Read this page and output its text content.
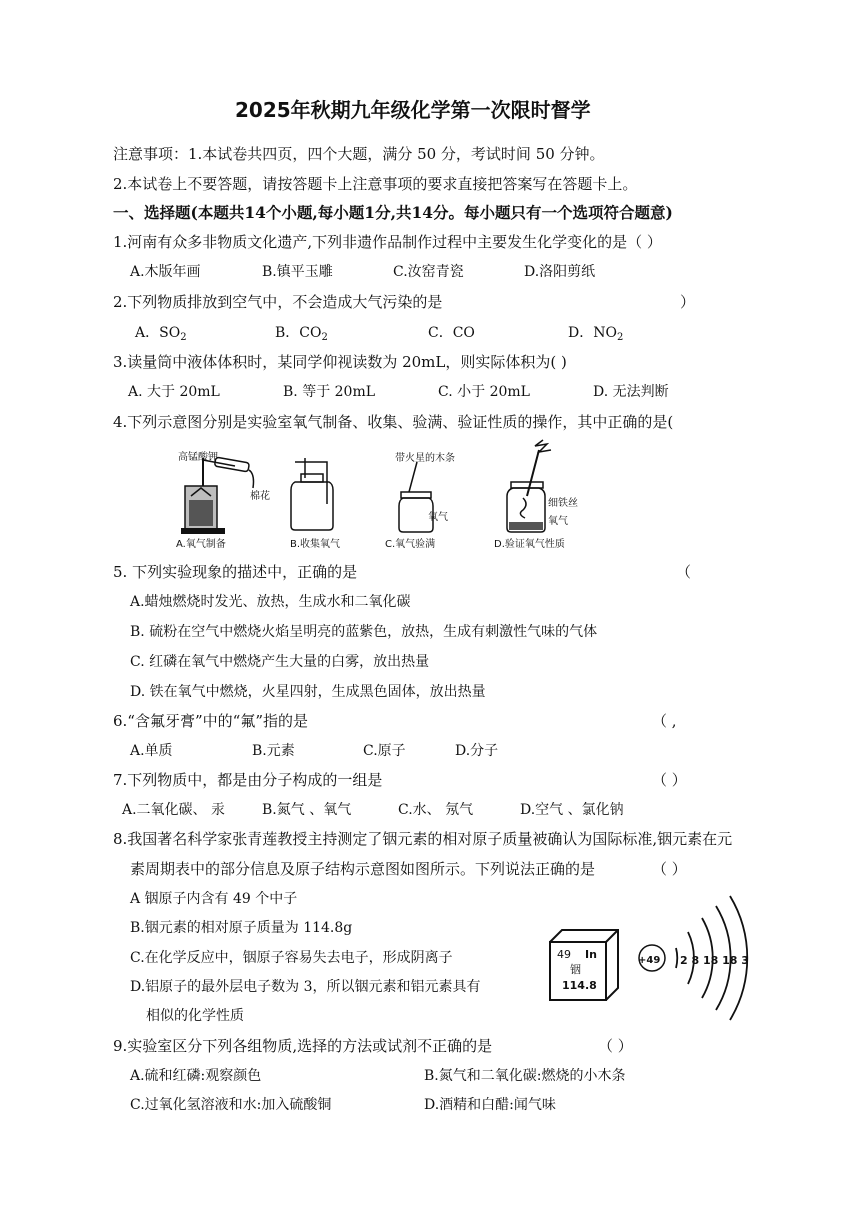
2025年秋期九年级化学第一次限时督学
注意事项：1.本试卷共四页，四个大题，满分 50 分，考试时间 50 分钟。
2.本试卷上不要答题，请按答题卡上注意事项的要求直接把答案写在答题卡上。
一、选择题(本题共14个小题,每小题1分,共14分。每小题只有一个选项符合题意)
1.河南有众多非物质文化遗产,下列非遗作品制作过程中主要发生化学变化的是（ ）
A.木版年画	B.镇平玉雕	C.汝窑青瓷	D.洛阳剪纸
2.下列物质排放到空气中，不会造成大气污染的是	）
A．$SO_2$	B．$CO_2$	C．CO	D．$NO_2$
3.读量筒中液体体积时，某同学仰视读数为 20mL，则实际体积为( )
A. 大于 20mL	B. 等于 20mL	C. 小于 20mL	D. 无法判断
4.下列示意图分别是实验室氧气制备、收集、验满、验证性质的操作，其中正确的是(
高锰酸钾
棉花
A.氧气制备	B.收集氧气
带火星的木条
氧气
C.氧气验满
细铁丝
氧气
D.验证氧气性质
5. 下列实验现象的描述中，正确的是	（
A.蜡烛燃烧时发光、放热，生成水和二氧化碳
B. 硫粉在空气中燃烧火焰呈明亮的蓝紫色，放热，生成有刺激性气味的气体
C. 红磷在氧气中燃烧产生大量的白雾，放出热量
D. 铁在氧气中燃烧，火星四射，生成黑色固体，放出热量
6.“含氟牙膏”中的“氟”指的是	（ ,
A.单质	B.元素	C.原子	D.分子
7.下列物质中，都是由分子构成的一组是	（ ）
A.二氧化碳、 汞	B.氮气 、氧气	C.水、 氖气	D.空气 、氯化钠
8.我国著名科学家张青莲教授主持测定了铟元素的相对原子质量被确认为国际标准,铟元素在元
素周期表中的部分信息及原子结构示意图如图所示。下列说法正确的是	（ ）
A 铟原子内含有 49 个中子
B.铟元素的相对原子质量为 114.8g
C.在化学反应中，铟原子容易失去电子，形成阴离子
D.铝原子的最外层电子数为 3，所以铟元素和铝元素具有
相似的化学性质
49 In
铟
114.8
+49 2 8 18 18 3
9.实验室区分下列各组物质,选择的方法或试剂不正确的是	（ ）
A.硫和红磷:观察颜色	B.氮气和二氧化碳:燃烧的小木条
C.过氧化氢溶液和水:加入硫酸铜	D.酒精和白醋:闻气味
